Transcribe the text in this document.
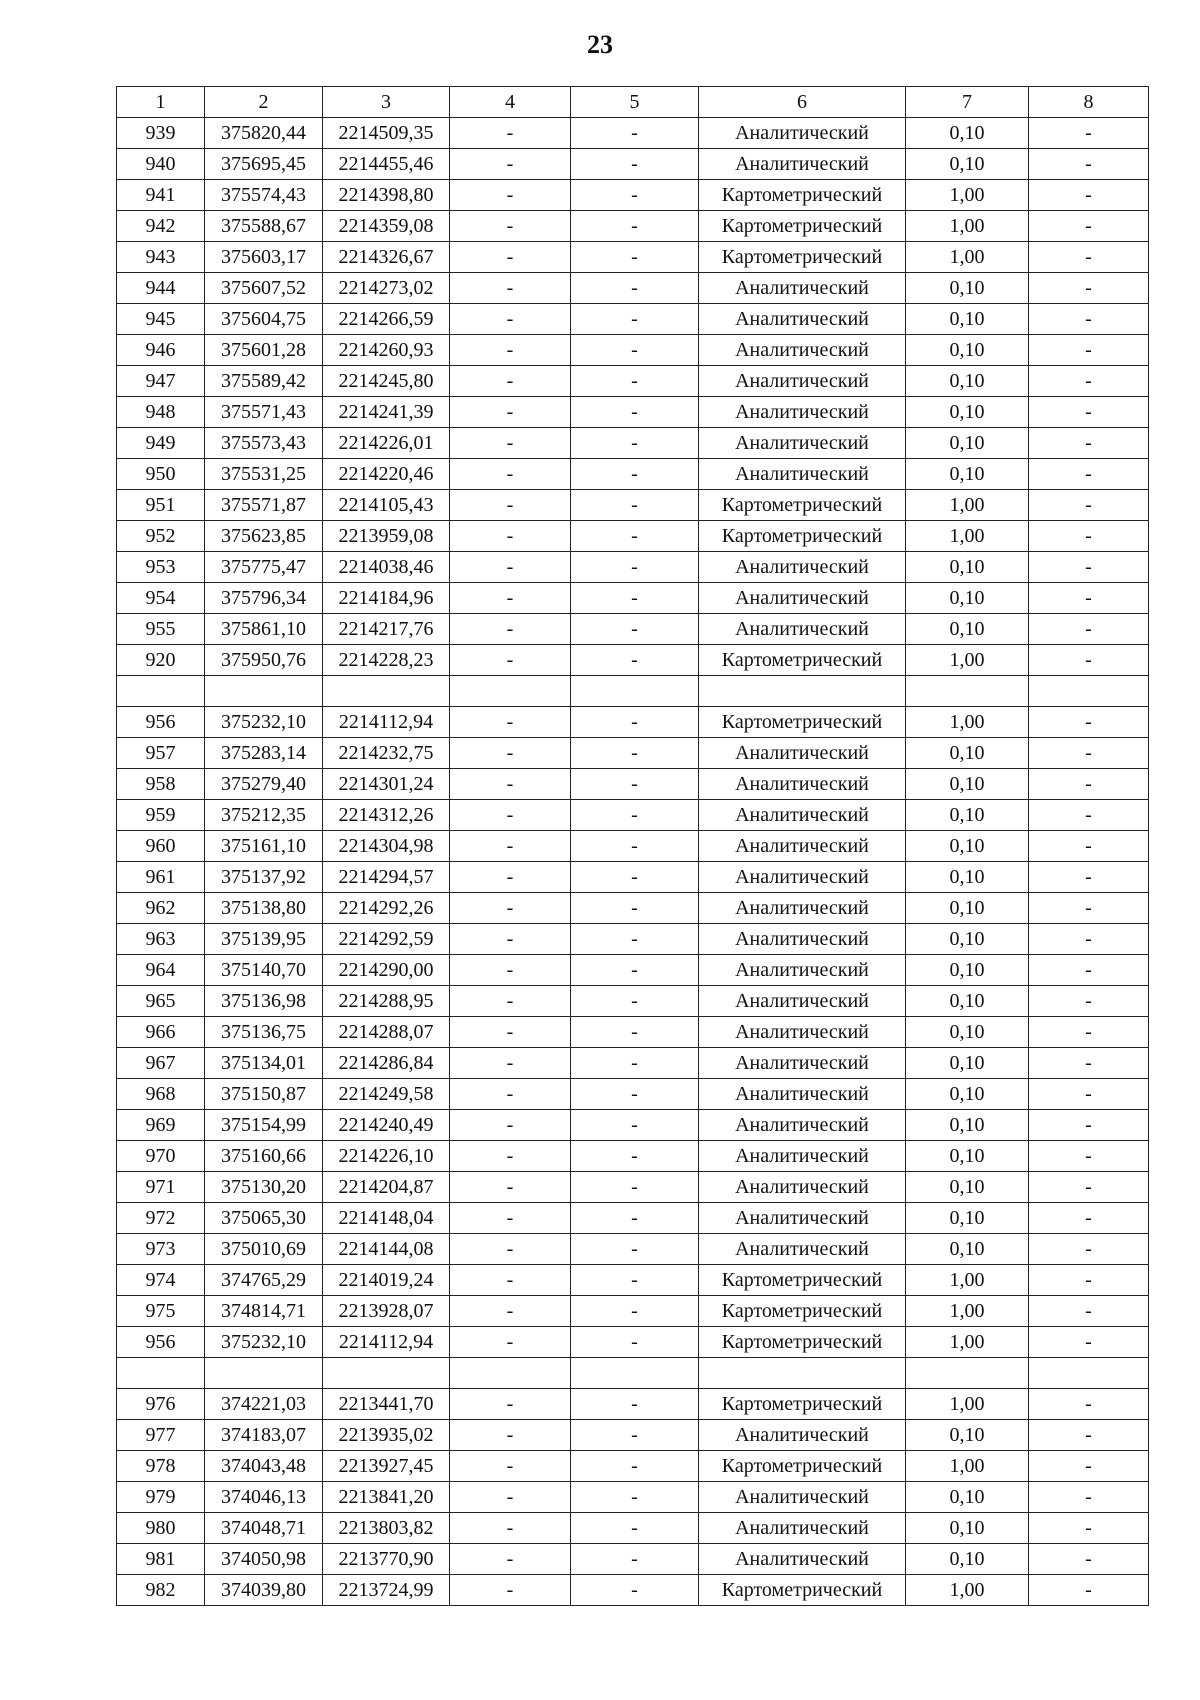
23
1	2	3	4	5	6	7	8
939	375820,44	2214509,35	-	-	Аналитический	0,10	-
940	375695,45	2214455,46	-	-	Аналитический	0,10	-
941	375574,43	2214398,80	-	-	Картометрический	1,00	-
942	375588,67	2214359,08	-	-	Картометрический	1,00	-
943	375603,17	2214326,67	-	-	Картометрический	1,00	-
944	375607,52	2214273,02	-	-	Аналитический	0,10	-
945	375604,75	2214266,59	-	-	Аналитический	0,10	-
946	375601,28	2214260,93	-	-	Аналитический	0,10	-
947	375589,42	2214245,80	-	-	Аналитический	0,10	-
948	375571,43	2214241,39	-	-	Аналитический	0,10	-
949	375573,43	2214226,01	-	-	Аналитический	0,10	-
950	375531,25	2214220,46	-	-	Аналитический	0,10	-
951	375571,87	2214105,43	-	-	Картометрический	1,00	-
952	375623,85	2213959,08	-	-	Картометрический	1,00	-
953	375775,47	2214038,46	-	-	Аналитический	0,10	-
954	375796,34	2214184,96	-	-	Аналитический	0,10	-
955	375861,10	2214217,76	-	-	Аналитический	0,10	-
920	375950,76	2214228,23	-	-	Картометрический	1,00	-

956	375232,10	2214112,94	-	-	Картометрический	1,00	-
957	375283,14	2214232,75	-	-	Аналитический	0,10	-
958	375279,40	2214301,24	-	-	Аналитический	0,10	-
959	375212,35	2214312,26	-	-	Аналитический	0,10	-
960	375161,10	2214304,98	-	-	Аналитический	0,10	-
961	375137,92	2214294,57	-	-	Аналитический	0,10	-
962	375138,80	2214292,26	-	-	Аналитический	0,10	-
963	375139,95	2214292,59	-	-	Аналитический	0,10	-
964	375140,70	2214290,00	-	-	Аналитический	0,10	-
965	375136,98	2214288,95	-	-	Аналитический	0,10	-
966	375136,75	2214288,07	-	-	Аналитический	0,10	-
967	375134,01	2214286,84	-	-	Аналитический	0,10	-
968	375150,87	2214249,58	-	-	Аналитический	0,10	-
969	375154,99	2214240,49	-	-	Аналитический	0,10	-
970	375160,66	2214226,10	-	-	Аналитический	0,10	-
971	375130,20	2214204,87	-	-	Аналитический	0,10	-
972	375065,30	2214148,04	-	-	Аналитический	0,10	-
973	375010,69	2214144,08	-	-	Аналитический	0,10	-
974	374765,29	2214019,24	-	-	Картометрический	1,00	-
975	374814,71	2213928,07	-	-	Картометрический	1,00	-
956	375232,10	2214112,94	-	-	Картометрический	1,00	-

976	374221,03	2213441,70	-	-	Картометрический	1,00	-
977	374183,07	2213935,02	-	-	Аналитический	0,10	-
978	374043,48	2213927,45	-	-	Картометрический	1,00	-
979	374046,13	2213841,20	-	-	Аналитический	0,10	-
980	374048,71	2213803,82	-	-	Аналитический	0,10	-
981	374050,98	2213770,90	-	-	Аналитический	0,10	-
982	374039,80	2213724,99	-	-	Картометрический	1,00	-
